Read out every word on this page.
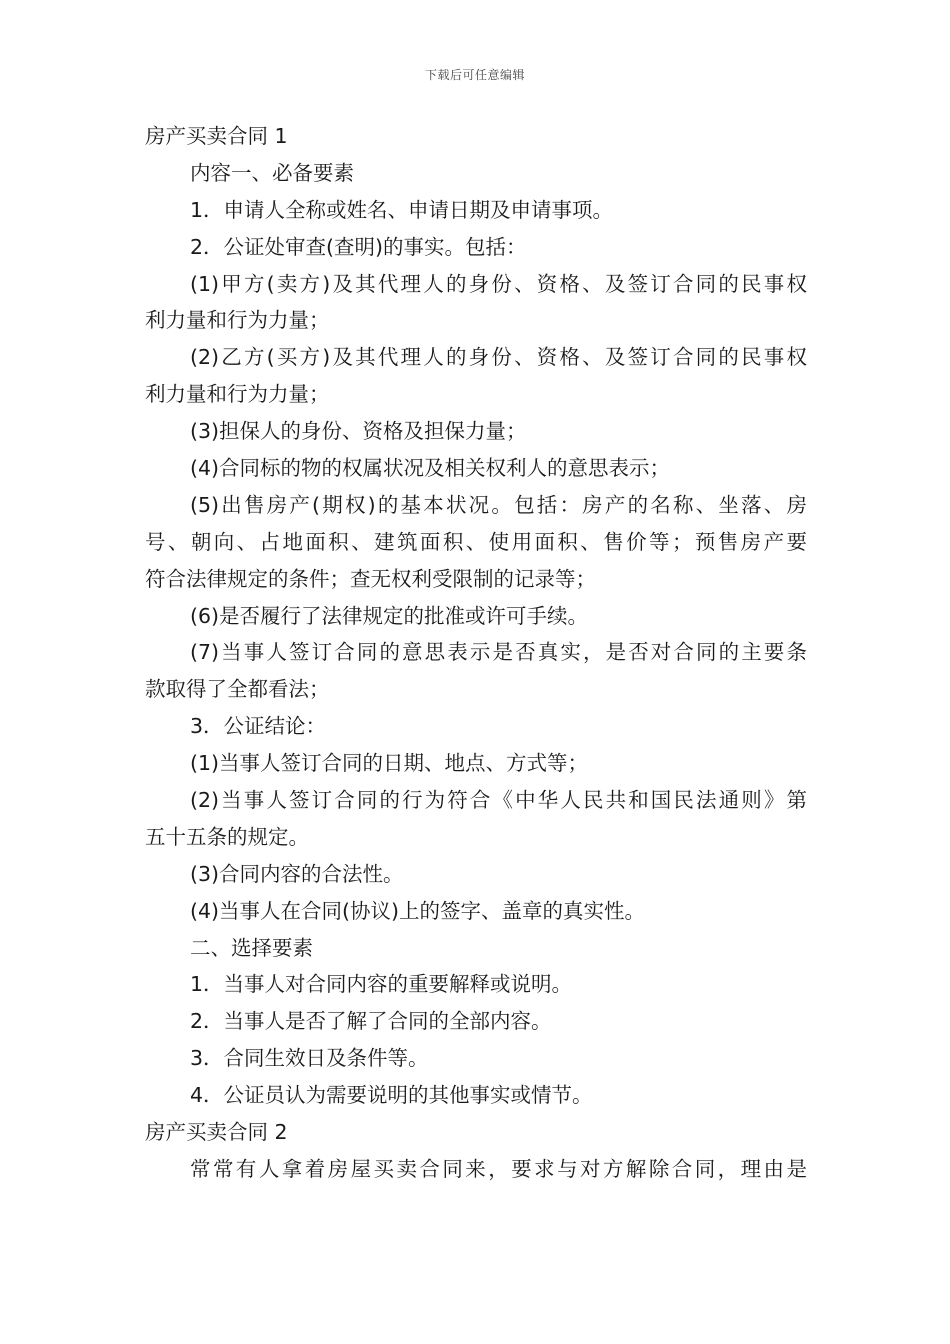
下载后可任意编辑
房产买卖合同 1
内容一、必备要素
1．申请人全称或姓名、申请日期及申请事项。
2．公证处审查(查明)的事实。包括：
(1)甲方(卖方)及其代理人的身份、资格、及签订合同的民事权
利力量和行为力量；
(2)乙方(买方)及其代理人的身份、资格、及签订合同的民事权
利力量和行为力量；
(3)担保人的身份、资格及担保力量；
(4)合同标的物的权属状况及相关权利人的意思表示；
(5)出售房产(期权)的基本状况。包括：房产的名称、坐落、房
号、朝向、占地面积、建筑面积、使用面积、售价等；预售房产要
符合法律规定的条件；查无权利受限制的记录等；
(6)是否履行了法律规定的批准或许可手续。
(7)当事人签订合同的意思表示是否真实，是否对合同的主要条
款取得了全都看法；
3．公证结论：
(1)当事人签订合同的日期、地点、方式等；
(2)当事人签订合同的行为符合《中华人民共和国民法通则》第
五十五条的规定。
(3)合同内容的合法性。
(4)当事人在合同(协议)上的签字、盖章的真实性。
二、选择要素
1．当事人对合同内容的重要解释或说明。
2．当事人是否了解了合同的全部内容。
3．合同生效日及条件等。
4．公证员认为需要说明的其他事实或情节。
房产买卖合同 2
常常有人拿着房屋买卖合同来，要求与对方解除合同，理由是
